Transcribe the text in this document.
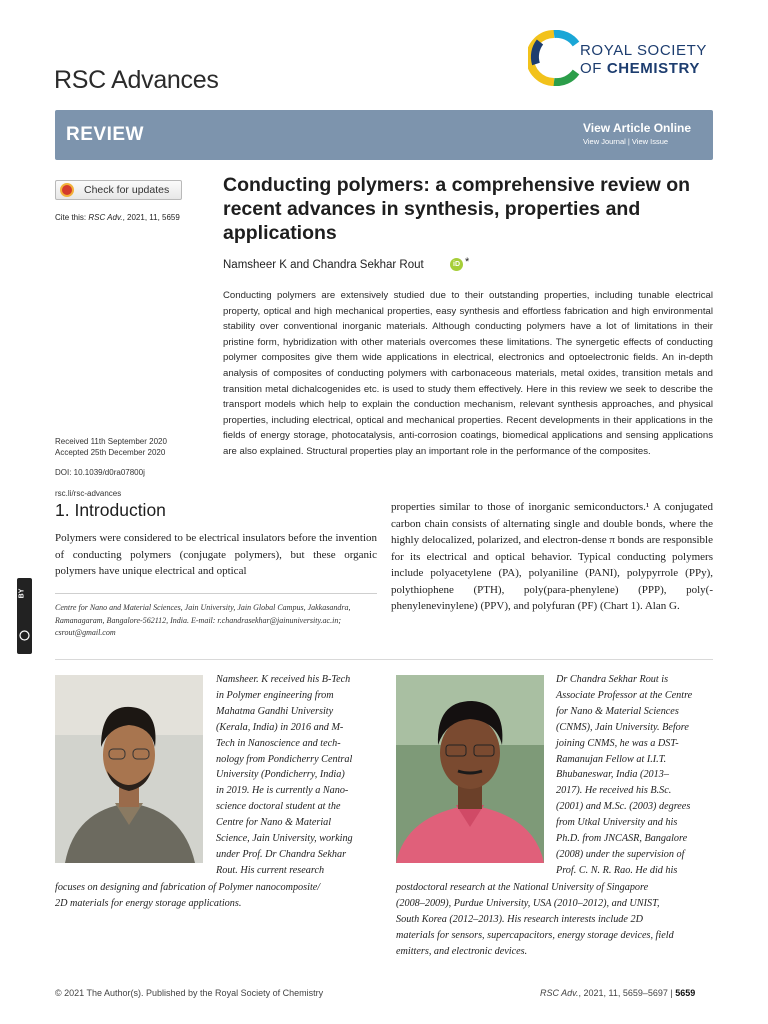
RSC Advances
ROYAL SOCIETY
OF CHEMISTRY
REVIEW	View Article Online
View Journal | View Issue
Check for updates
Cite this: RSC Adv., 2021, 11, 5659
Received 11th September 2020
Accepted 25th December 2020
DOI: 10.1039/d0ra07800j
rsc.li/rsc-advances
Conducting polymers: a comprehensive review on recent advances in synthesis, properties and applications
Namsheer K and Chandra Sekhar Rout	iD *

Conducting polymers are extensively studied due to their outstanding properties, including tunable electrical property, optical and high mechanical properties, easy synthesis and effortless fabrication and high environmental stability over conventional inorganic materials. Although conducting polymers have a lot of limitations in their pristine form, hybridization with other materials overcomes these limitations. The synergetic effects of conducting polymer composites give them wide applications in electrical, electronics and optoelectronic fields. An in-depth analysis of composites of conducting polymers with carbonaceous materials, metal oxides, transition metals and transition metal dichalcogenides etc. is used to study them effectively. Here in this review we seek to describe the transport models which help to explain the conduction mechanism, relevant synthesis approaches, and physical properties, including electrical, optical and mechanical properties. Recent developments in their applications in the fields of energy storage, photocatalysis, anti-corrosion coatings, biomedical applications and sensing applications are also explained. Structural properties play an important role in the performance of the composites.

1. Introduction
Polymers were considered to be electrical insulators before the invention of conducting polymers (conjugate polymers), but these organic polymers have unique electrical and optical
Centre for Nano and Material Sciences, Jain University, Jain Global Campus, Jakkasandra, Ramanagaram, Bangalore-562112, India. E-mail: r.chandrasekhar@jainuniversity.ac.in; csrout@gmail.com
properties similar to those of inorganic semiconductors.¹ A conjugated carbon chain consists of alternating single and double bonds, where the highly delocalized, polarized, and electron-dense π bonds are responsible for its electrical and optical behavior. Typical conducting polymers include polyacetylene (PA), polyaniline (PANI), polypyrrole (PPy), polythiophene (PTH), poly(para-phenylene) (PPP), poly(-phenylenevinylene) (PPV), and polyfuran (PF) (Chart 1). Alan G.
BY
Namsheer. K received his B-Tech
in Polymer engineering from
Mahatma Gandhi University
(Kerala, India) in 2016 and M-
Tech in Nanoscience and tech-
nology from Pondicherry Central
University (Pondicherry, India)
in 2019. He is currently a Nano-
science doctoral student at the
Centre for Nano & Material
Science, Jain University, working
under Prof. Dr Chandra Sekhar
Rout. His current research
focuses on designing and fabrication of Polymer nanocomposite/
2D materials for energy storage applications.
Dr Chandra Sekhar Rout is
Associate Professor at the Centre
for Nano & Material Sciences
(CNMS), Jain University. Before
joining CNMS, he was a DST-
Ramanujan Fellow at I.I.T.
Bhubaneswar, India (2013–
2017). He received his B.Sc.
(2001) and M.Sc. (2003) degrees
from Utkal University and his
Ph.D. from JNCASR, Bangalore
(2008) under the supervision of
Prof. C. N. R. Rao. He did his
postdoctoral research at the National University of Singapore
(2008–2009), Purdue University, USA (2010–2012), and UNIST,
South Korea (2012–2013). His research interests include 2D
materials for sensors, supercapacitors, energy storage devices, field
emitters, and electronic devices.
© 2021 The Author(s). Published by the Royal Society of Chemistry	RSC Adv., 2021, 11, 5659–5697 | 5659
